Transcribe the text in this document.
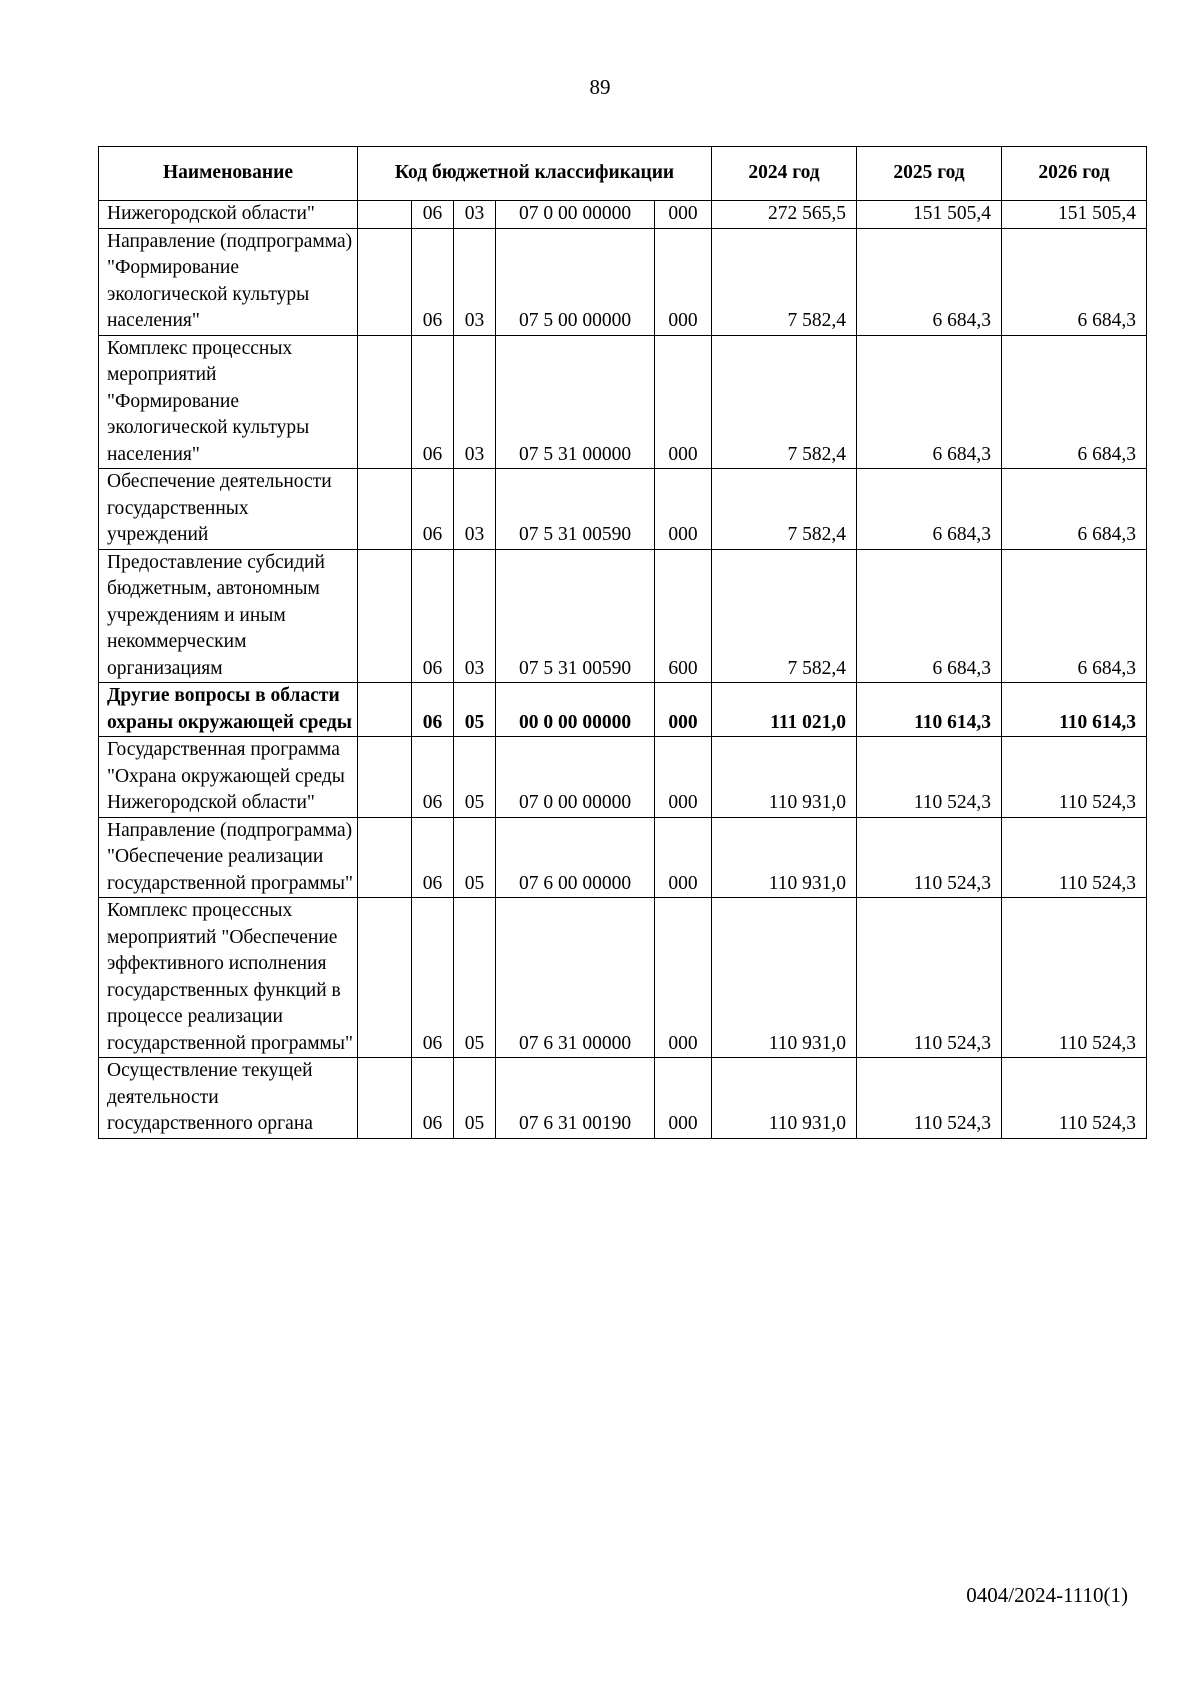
89
Наименование	Код бюджетной классификации					2024 год	2025 год	2026 год
Нижегородской области"		06	03	07 0 00 00000	000	272 565,5	151 505,4	151 505,4
Направление (подпрограмма) "Формирование экологической культуры населения"		06	03	07 5 00 00000	000	7 582,4	6 684,3	6 684,3
Комплекс процессных мероприятий "Формирование экологической культуры населения"		06	03	07 5 31 00000	000	7 582,4	6 684,3	6 684,3
Обеспечение деятельности государственных учреждений		06	03	07 5 31 00590	000	7 582,4	6 684,3	6 684,3
Предоставление субсидий бюджетным, автономным учреждениям и иным некоммерческим организациям		06	03	07 5 31 00590	600	7 582,4	6 684,3	6 684,3
Другие вопросы в области охраны окружающей среды		06	05	00 0 00 00000	000	111 021,0	110 614,3	110 614,3
Государственная программа "Охрана окружающей среды Нижегородской области"		06	05	07 0 00 00000	000	110 931,0	110 524,3	110 524,3
Направление (подпрограмма) "Обеспечение реализации государственной программы"		06	05	07 6 00 00000	000	110 931,0	110 524,3	110 524,3
Комплекс процессных мероприятий "Обеспечение эффективного исполнения государственных функций в процессе реализации государственной программы"		06	05	07 6 31 00000	000	110 931,0	110 524,3	110 524,3
Осуществление текущей деятельности государственного органа		06	05	07 6 31 00190	000	110 931,0	110 524,3	110 524,3
0404/2024-1110(1)
